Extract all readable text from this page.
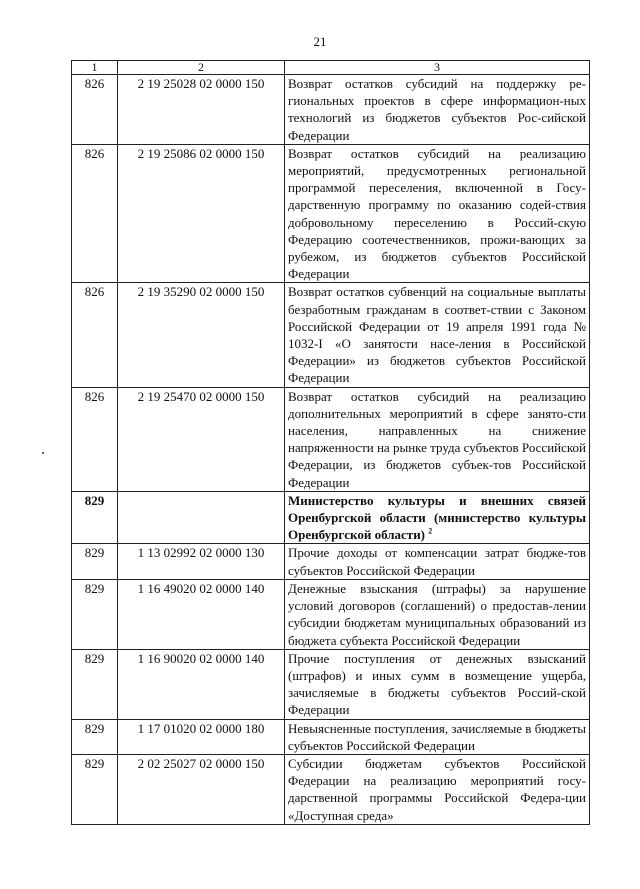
21
1	2	3
826	2 19 25028 02 0000 150	Возврат остатков субсидий на поддержку ре-гиональных проектов в сфере информацион-ных технологий из бюджетов субъектов Рос-сийской Федерации
826	2 19 25086 02 0000 150	Возврат остатков субсидий на реализацию мероприятий, предусмотренных региональной программой переселения, включенной в Госу-дарственную программу по оказанию содей-ствия добровольному переселению в Россий-скую Федерацию соотечественников, прожи-вающих за рубежом, из бюджетов субъектов Российской Федерации
826	2 19 35290 02 0000 150	Возврат остатков субвенций на социальные выплаты безработным гражданам в соответ-ствии с Законом Российской Федерации от 19 апреля 1991 года № 1032-I «О занятости насе-ления в Российской Федерации» из бюджетов субъектов Российской Федерации
826	2 19 25470 02 0000 150	Возврат остатков субсидий на реализацию дополнительных мероприятий в сфере занято-сти населения, направленных на снижение напряженности на рынке труда субъектов Российской Федерации, из бюджетов субъек-тов Российской Федерации
829		Министерство культуры и внешних связей Оренбургской области (министерство культуры Оренбургской области) $^2$
829	1 13 02992 02 0000 130	Прочие доходы от компенсации затрат бюдже-тов субъектов Российской Федерации
829	1 16 49020 02 0000 140	Денежные взыскания (штрафы) за нарушение условий договоров (соглашений) о предостав-лении субсидии бюджетам муниципальных образований из бюджета субъекта Российской Федерации
829	1 16 90020 02 0000 140	Прочие поступления от денежных взысканий (штрафов) и иных сумм в возмещение ущерба, зачисляемые в бюджеты субъектов Россий-ской Федерации
829	1 17 01020 02 0000 180	Невыясненные поступления, зачисляемые в бюджеты субъектов Российской Федерации
829	2 02 25027 02 0000 150	Субсидии бюджетам субъектов Российской Федерации на реализацию мероприятий госу-дарственной программы Российской Федера-ции «Доступная среда»
